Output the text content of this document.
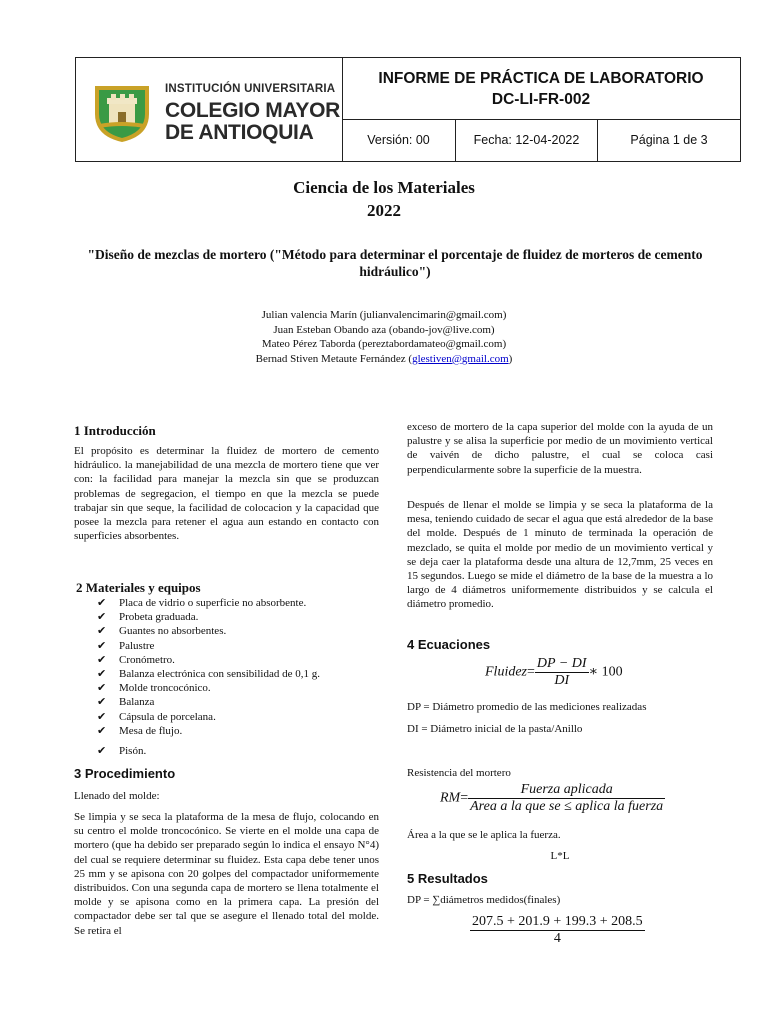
INSTITUCIÓN UNIVERSITARIA
COLEGIO MAYOR
DE ANTIOQUIA
INFORME DE PRÁCTICA DE LABORATORIO
DC-LI-FR-002
Versión: 00	Fecha: 12-04-2022	Página 1 de 3
Ciencia de los Materiales
2022
"Diseño de mezclas de mortero ("Método para determinar el porcentaje de fluidez de morteros de cemento hidráulico")
Julian valencia Marín (julianvalencimarin@gmail.com)
Juan Esteban Obando aza (obando-jov@live.com)
Mateo Pérez Taborda (pereztabordamateo@gmail.com)
Bernad Stiven Metaute Fernández (glestiven@gmail.com)
1 Introducción
El propósito es determinar la fluidez de mortero de cemento hidráulico. la manejabilidad de una mezcla de mortero tiene que ver con: la facilidad para manejar la mezcla sin que se produzcan problemas de segregacion, el tiempo en que la mezcla se puede trabajar sin que seque, la facilidad de colocacion y la capacidad que posee la mezcla para retener el agua aun estando en contacto con superficies absorbentes.
2 Materiales y equipos
✔ Placa de vidrio o superficie no absorbente.
✔ Probeta graduada.
✔ Guantes no absorbentes.
✔ Palustre
✔ Cronómetro.
✔ Balanza electrónica con sensibilidad de 0,1 g.
✔ Molde troncocónico.
✔ Balanza
✔ Cápsula de porcelana.
✔ Mesa de flujo.
✔ Pisón.
3 Procedimiento
Llenado del molde:
Se limpia y se seca la plataforma de la mesa de flujo, colocando en su centro el molde troncocónico. Se vierte en el molde una capa de mortero (que ha debido ser preparado según lo indica el ensayo N°4) del cual se requiere determinar su fluidez. Esta capa debe tener unos 25 mm y se apisona con 20 golpes del compactador uniformemente distribuidos. Con una segunda capa de mortero se llena totalmente el molde y se apisona como en la primera capa. La presión del compactador debe ser tal que se asegure el llenado total del molde. Se retira el
exceso de mortero de la capa superior del molde con la ayuda de un palustre y se alisa la superficie por medio de un movimiento vertical de vaivén de dicho palustre, el cual se coloca casi perpendicularmente sobre la superficie de la muestra.
Después de llenar el molde se limpia y se seca la plataforma de la mesa, teniendo cuidado de secar el agua que está alrededor de la base del molde. Después de 1 minuto de terminada la operación de mezclado, se quita el molde por medio de un movimiento vertical y se deja caer la plataforma desde una altura de 12,7mm, 25 veces en 15 segundos. Luego se mide el diámetro de la base de la muestra a lo largo de 4 diámetros uniformemente distribuidos y se calcula el diámetro promedio.
4 Ecuaciones
Fluidez= $\frac{DP - DI}{DI}$ ∗ 100
DP = Diámetro promedio de las mediciones realizadas
DI = Diámetro inicial de la pasta/Anillo
Resistencia del mortero
$RM= \frac{\text{Fuerza aplicada}}{\text{Area a la que se ≤ aplica la fuerza}}$
Área a la que se le aplica la fuerza.
L*L
5 Resultados
DP = ∑diámetros medidos(finales)
$\frac{207.5 + 201.9 + 199.3 + 208.5}{4}$
